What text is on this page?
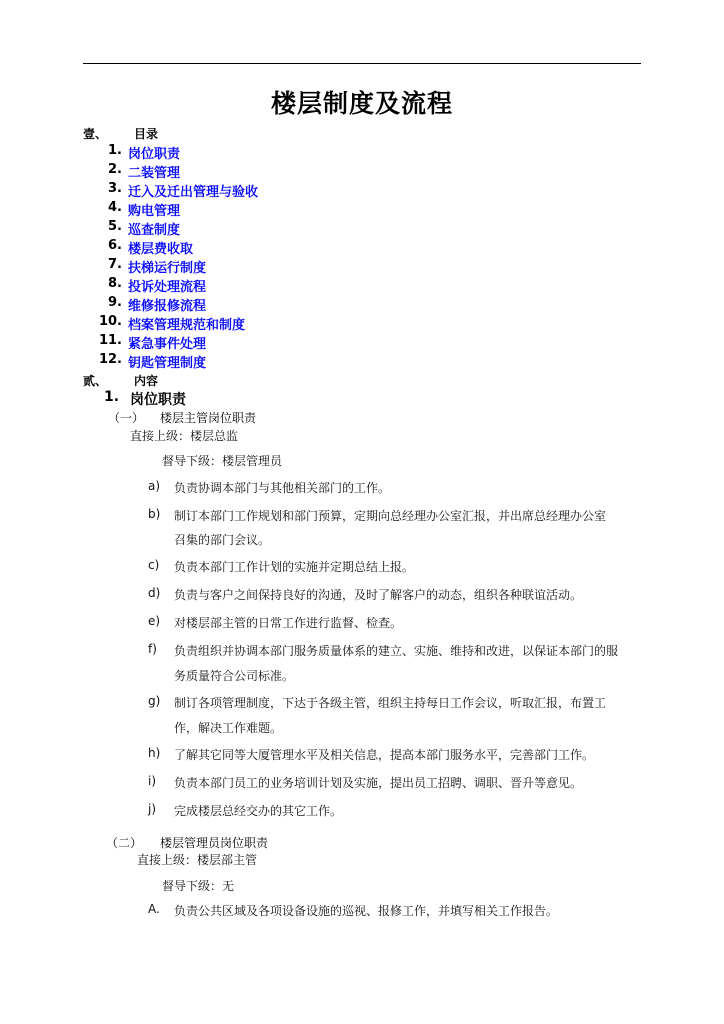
楼层制度及流程
壹、 目录
1. 岗位职责
2. 二装管理
3. 迁入及迁出管理与验收
4. 购电管理
5. 巡查制度
6. 楼层费收取
7. 扶梯运行制度
8. 投诉处理流程
9. 维修报修流程
10. 档案管理规范和制度
11. 紧急事件处理
12. 钥匙管理制度
贰、 内容
1. 岗位职责
（一） 楼层主管岗位职责
直接上级：楼层总监
督导下级：楼层管理员
a) 负责协调本部门与其他相关部门的工作。
b) 制订本部门工作规划和部门预算，定期向总经理办公室汇报，并出席总经理办公室
召集的部门会议。
c) 负责本部门工作计划的实施并定期总结上报。
d) 负责与客户之间保持良好的沟通，及时了解客户的动态，组织各种联谊活动。
e) 对楼层部主管的日常工作进行监督、检查。
f) 负责组织并协调本部门服务质量体系的建立、实施、维持和改进，以保证本部门的服
务质量符合公司标准。
g) 制订各项管理制度，下达于各级主管，组织主持每日工作会议，听取汇报，布置工
作，解决工作难题。
h) 了解其它同等大厦管理水平及相关信息，提高本部门服务水平，完善部门工作。
i) 负责本部门员工的业务培训计划及实施，提出员工招聘、调职、晋升等意见。
j) 完成楼层总经交办的其它工作。
（二） 楼层管理员岗位职责
直接上级：楼层部主管
督导下级：无
A. 负责公共区域及各项设备设施的巡视、报修工作，并填写相关工作报告。
